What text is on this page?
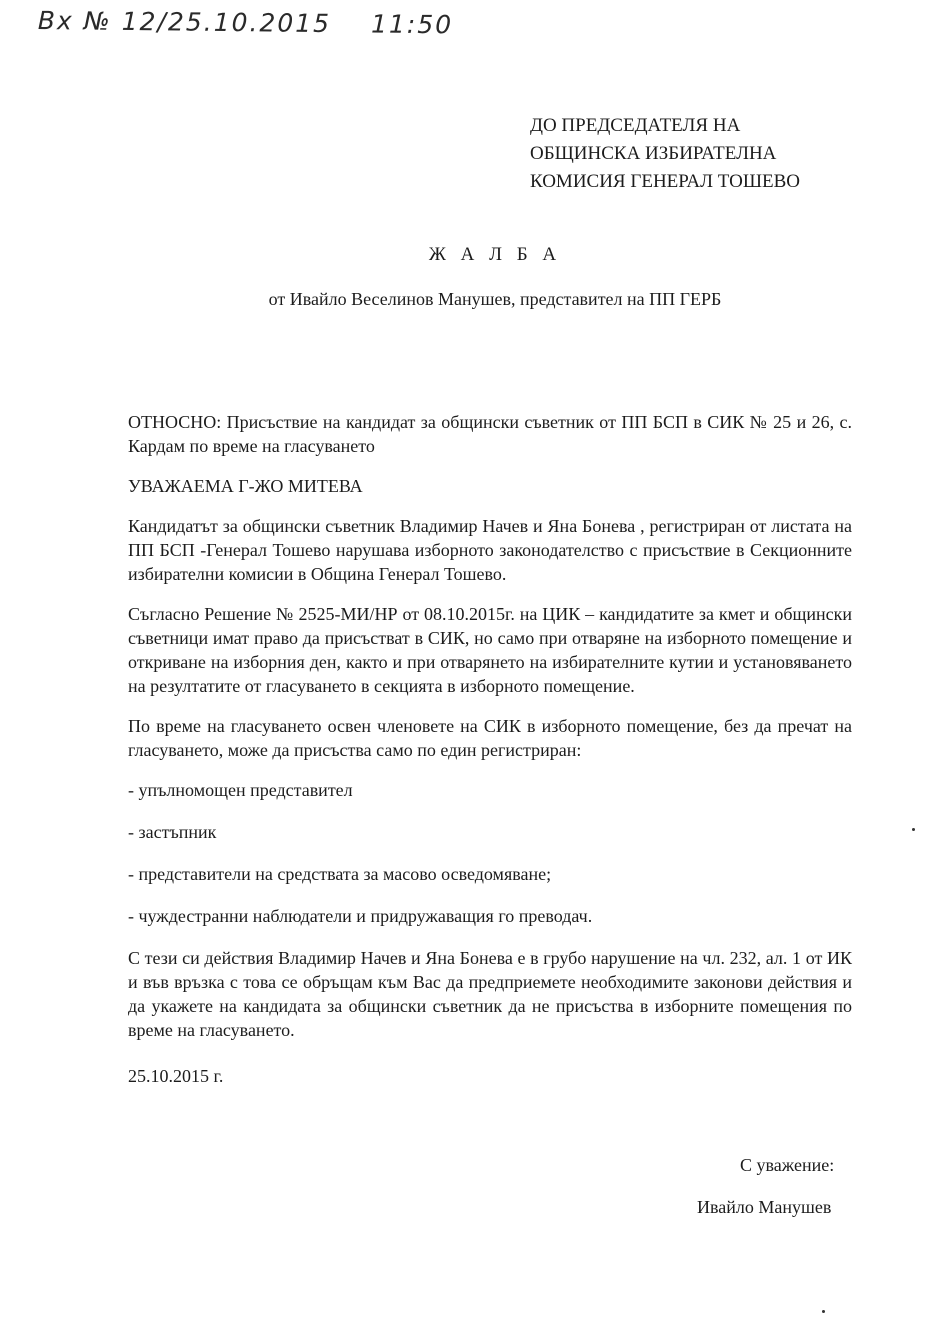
Вх № 12/25.10.2015 11:50
ДО ПРЕДСЕДАТЕЛЯ НА
ОБЩИНСКА ИЗБИРАТЕЛНА
КОМИСИЯ ГЕНЕРАЛ ТОШЕВО
Ж А Л Б А
от Ивайло Веселинов Манушев, представител на ПП ГЕРБ

ОТНОСНО: Присъствие на кандидат за общински съветник от ПП БСП в СИК № 25 и 26, с. Кардам по време на гласуването

УВАЖАЕМА Г-ЖО МИТЕВА

Кандидатът за общински съветник Владимир Начев и Яна Бонева , регистриран от листата на ПП БСП -Генерал Тошево нарушава изборното законодателство с присъствие в Секционните избирателни комисии в Община Генерал Тошево.

Съгласно Решение № 2525-МИ/НР от 08.10.2015г. на ЦИК – кандидатите за кмет и общински съветници имат право да присъстват в СИК, но само при отваряне на изборното помещение и откриване на изборния ден, както и при отварянето на избирателните кутии и установяването на резултатите от гласуването в секцията в изборното помещение.

По време на гласуването освен членовете на СИК в изборното помещение, без да пречат на гласуването, може да присъства само по един регистриран:

- упълномощен представител

- застъпник

- представители на средствата за масово осведомяване;

- чуждестранни наблюдатели и придружаващия го преводач.

С тези си действия Владимир Начев и Яна Бонева е в грубо нарушение на чл. 232, ал. 1 от ИК и във връзка с това се обръщам към Вас да предприемете необходимите законови действия и да укажете на кандидата за общински съветник да не присъства в изборните помещения по време на гласуването.

25.10.2015 г.

С уважение:
Ивайло Манушев
